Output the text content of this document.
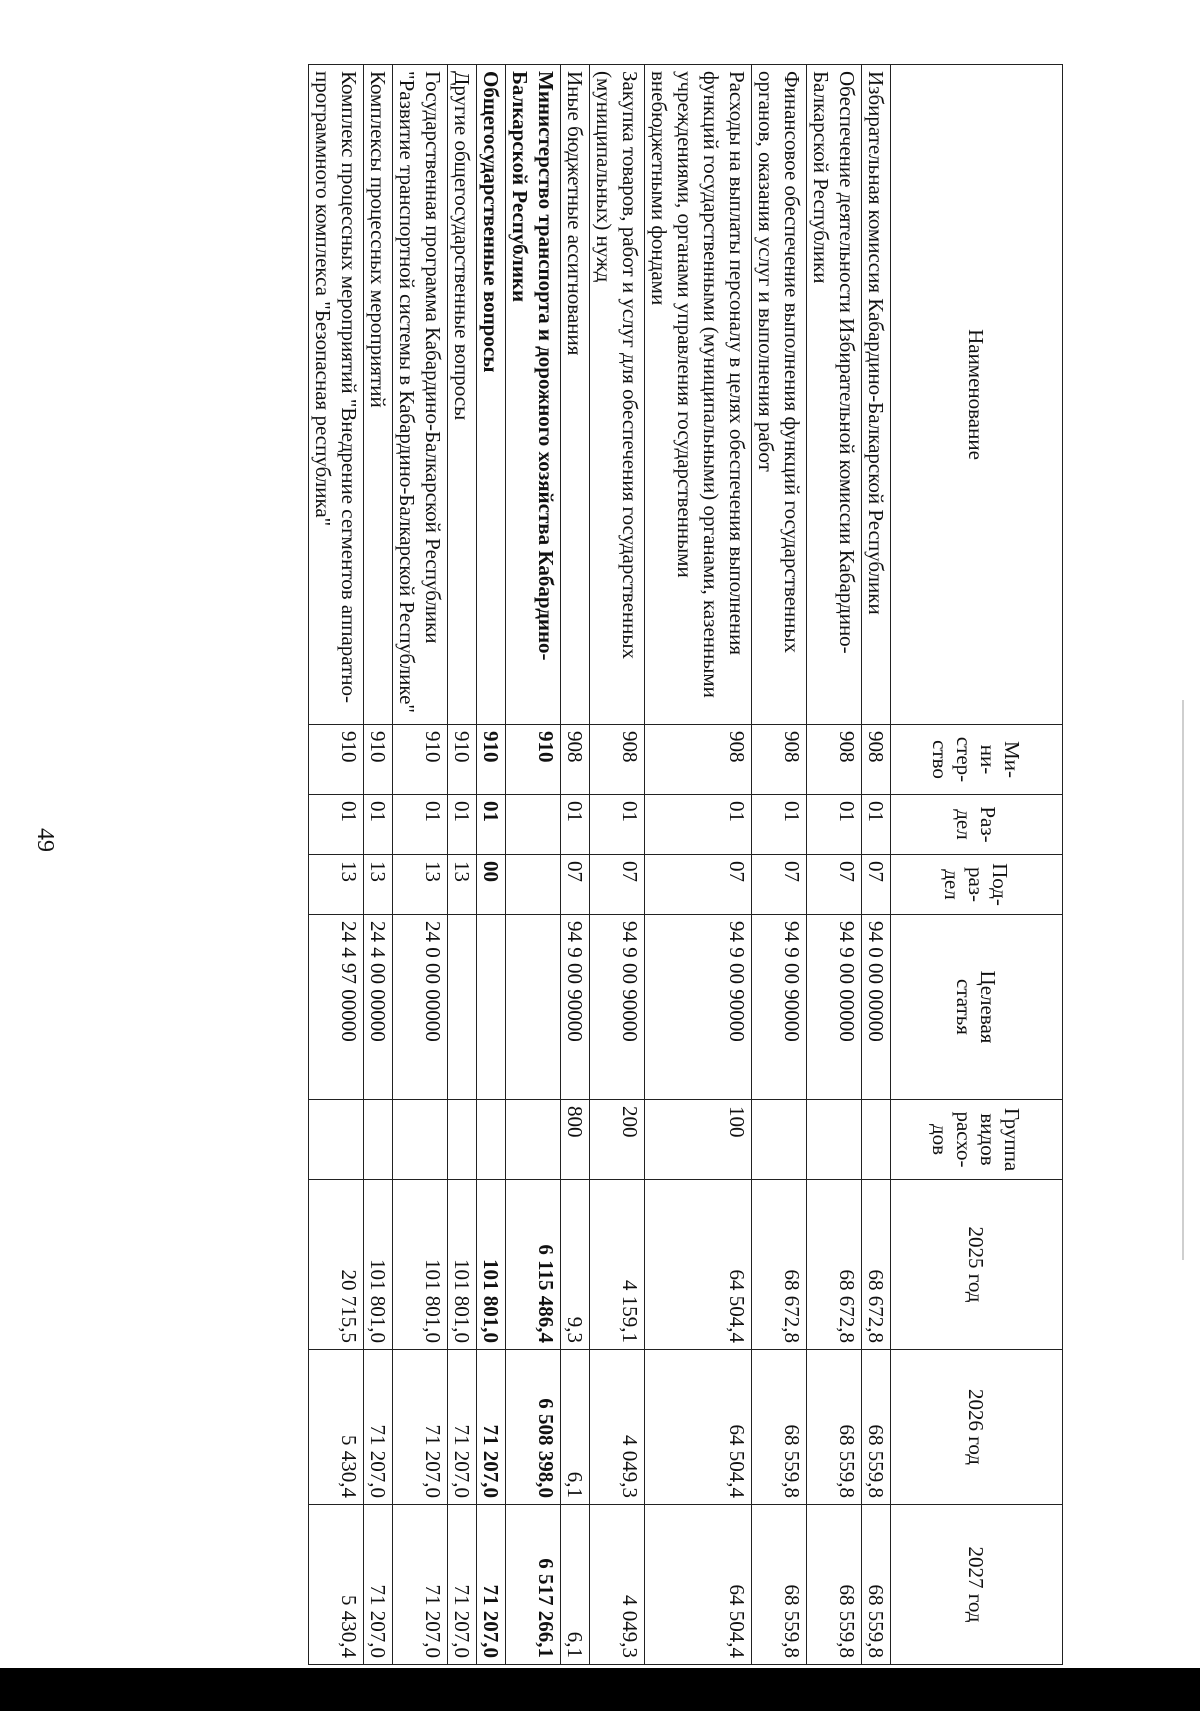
49
Наименование	Ми-
ни-
стер-
ство	Раз-
дел	Под-
раз-
дел	Целевая
статья	Группа
видов
расхо-
дов	2025 год	2026 год	2027 год
Избирательная комиссия Кабардино-Балкарской Республики	908	01	07	94 0 00 00000		68 672,8	68 559,8	68 559,8
Обеспечение деятельности Избирательной комиссии Кабардино-Балкарской Республики	908	01	07	94 9 00 00000		68 672,8	68 559,8	68 559,8
Финансовое обеспечение выполнения функций государственных органов, оказания услуг и выполнения работ	908	01	07	94 9 00 90000		68 672,8	68 559,8	68 559,8
Расходы на выплаты персоналу в целях обеспечения выполнения функций государственными (муниципальными) органами, казенными учреждениями, органами управления государственными внебюджетными фондами	908	01	07	94 9 00 90000	100	64 504,4	64 504,4	64 504,4
Закупка товаров, работ и услуг для обеспечения государственных (муниципальных) нужд	908	01	07	94 9 00 90000	200	4 159,1	4 049,3	4 049,3
Иные бюджетные ассигнования	908	01	07	94 9 00 90000	800	9,3	6,1	6,1
Министерство транспорта и дорожного хозяйства Кабардино-Балкарской Республики	910					6 115 486,4	6 508 398,0	6 517 266,1
Общегосударственные вопросы	910	01	00			101 801,0	71 207,0	71 207,0
Другие общегосударственные вопросы	910	01	13			101 801,0	71 207,0	71 207,0
Государственная программа Кабардино-Балкарской Республики "Развитие транспортной системы в Кабардино-Балкарской Республике"	910	01	13	24 0 00 00000		101 801,0	71 207,0	71 207,0
Комплексы процессных мероприятий	910	01	13	24 4 00 00000		101 801,0	71 207,0	71 207,0
Комплекс процессных мероприятий "Внедрение сегментов аппаратно-программного комплекса "Безопасная республика"	910	01	13	24 4 97 00000		20 715,5	5 430,4	5 430,4
